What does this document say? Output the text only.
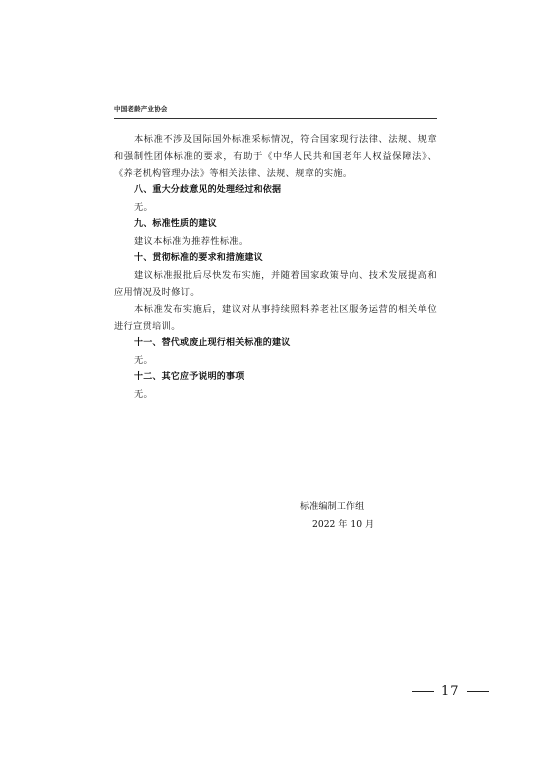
中国老龄产业协会

本标准不涉及国际国外标准采标情况，符合国家现行法律、法规、规章和强制性团体标准的要求，有助于《中华人民共和国老年人权益保障法》、《养老机构管理办法》等相关法律、法规、规章的实施。

八、重大分歧意见的处理经过和依据

无。

九、标准性质的建议

建议本标准为推荐性标准。

十、贯彻标准的要求和措施建议

建议标准报批后尽快发布实施，并随着国家政策导向、技术发展提高和应用情况及时修订。

本标准发布实施后，建议对从事持续照料养老社区服务运营的相关单位进行宣贯培训。

十一、替代或废止现行相关标准的建议

无。

十二、其它应予说明的事项

无。

标准编制工作组
2022 年 10 月
17
